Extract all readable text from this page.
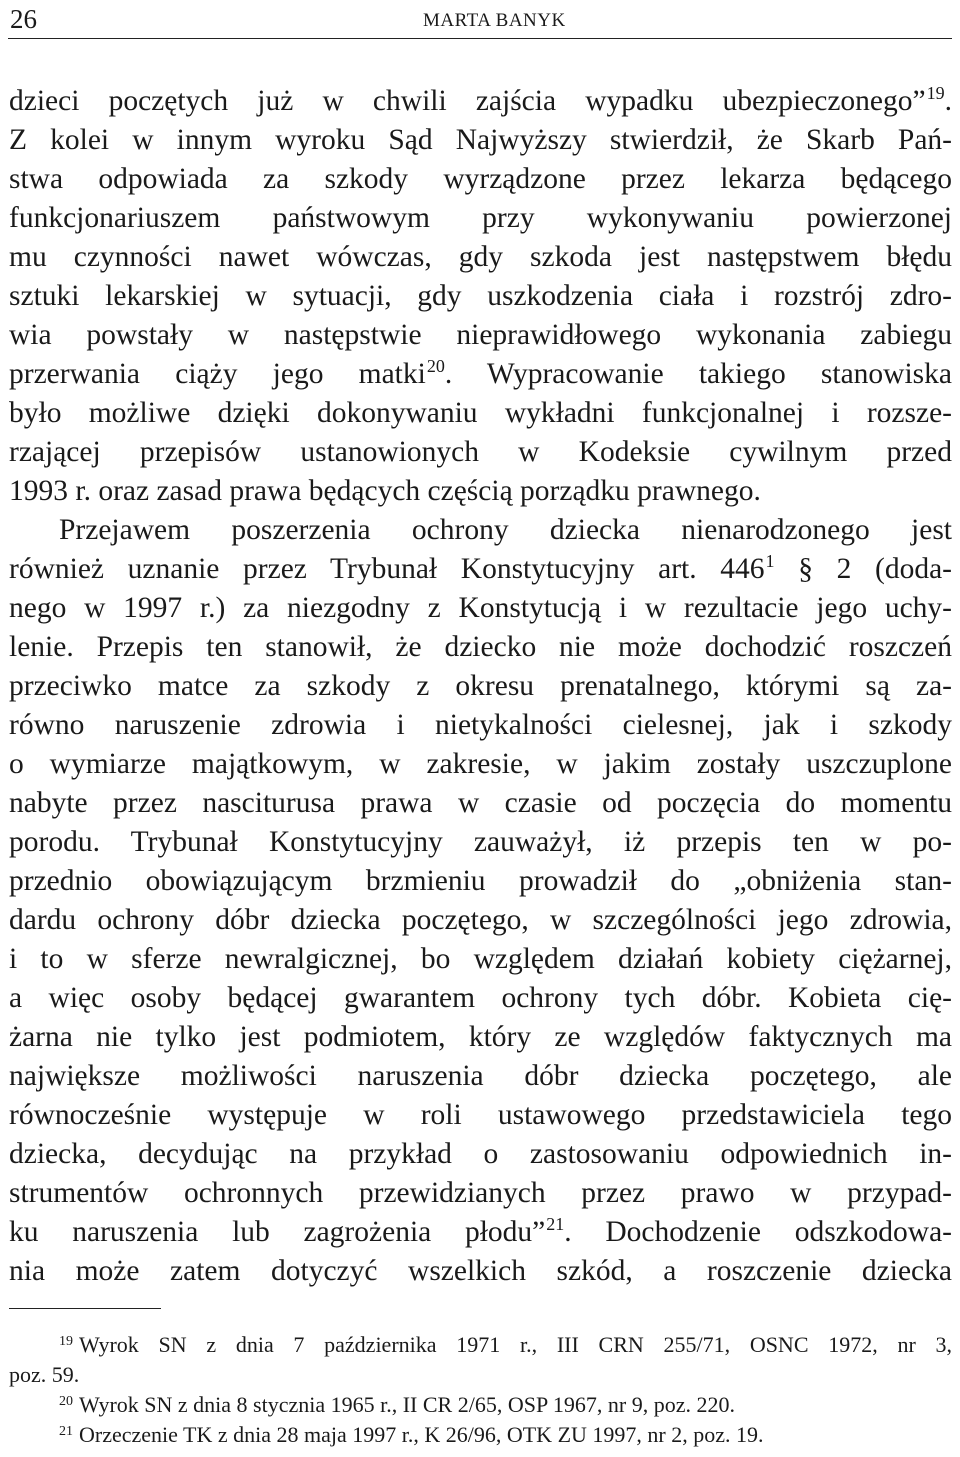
26	MARTA BANYK
dzieci poczętych już w chwili zajścia wypadku ubezpieczonego”$^{19}$.
Z kolei w innym wyroku Sąd Najwyższy stwierdził, że Skarb Pań-
stwa odpowiada za szkody wyrządzone przez lekarza będącego
funkcjonariuszem państwowym przy wykonywaniu powierzonej
mu czynności nawet wówczas, gdy szkoda jest następstwem błędu
sztuki lekarskiej w sytuacji, gdy uszkodzenia ciała i rozstrój zdro-
wia powstały w następstwie nieprawidłowego wykonania zabiegu
przerwania ciąży jego matki$^{20}$. Wypracowanie takiego stanowiska
było możliwe dzięki dokonywaniu wykładni funkcjonalnej i rozsze-
rzającej przepisów ustanowionych w Kodeksie cywilnym przed
1993 r. oraz zasad prawa będących częścią porządku prawnego.
Przejawem poszerzenia ochrony dziecka nienarodzonego jest
również uznanie przez Trybunał Konstytucyjny art. $446^1$ § 2 (doda-
nego w 1997 r.) za niezgodny z Konstytucją i w rezultacie jego uchy-
lenie. Przepis ten stanowił, że dziecko nie może dochodzić roszczeń
przeciwko matce za szkody z okresu prenatalnego, którymi są za-
równo naruszenie zdrowia i nietykalności cielesnej, jak i szkody
o wymiarze majątkowym, w zakresie, w jakim zostały uszczuplone
nabyte przez nasciturusa prawa w czasie od poczęcia do momentu
porodu. Trybunał Konstytucyjny zauważył, iż przepis ten w po-
przednio obowiązującym brzmieniu prowadził do „obniżenia stan-
dardu ochrony dóbr dziecka poczętego, w szczególności jego zdrowia,
i to w sferze newralgicznej, bo względem działań kobiety ciężarnej,
a więc osoby będącej gwarantem ochrony tych dóbr. Kobieta cię-
żarna nie tylko jest podmiotem, który ze względów faktycznych ma
największe możliwości naruszenia dóbr dziecka poczętego, ale
równocześnie występuje w roli ustawowego przedstawiciela tego
dziecka, decydując na przykład o zastosowaniu odpowiednich in-
strumentów ochronnych przewidzianych przez prawo w przypad-
ku naruszenia lub zagrożenia płodu”$^{21}$. Dochodzenie odszkodowa-
nia może zatem dotyczyć wszelkich szkód, a roszczenie dziecka
$^{19}$ Wyrok SN z dnia 7 października 1971 r., III CRN 255/71, OSNC 1972, nr 3,
poz. 59.
$^{20}$ Wyrok SN z dnia 8 stycznia 1965 r., II CR 2/65, OSP 1967, nr 9, poz. 220.
$^{21}$ Orzeczenie TK z dnia 28 maja 1997 r., K 26/96, OTK ZU 1997, nr 2, poz. 19.
